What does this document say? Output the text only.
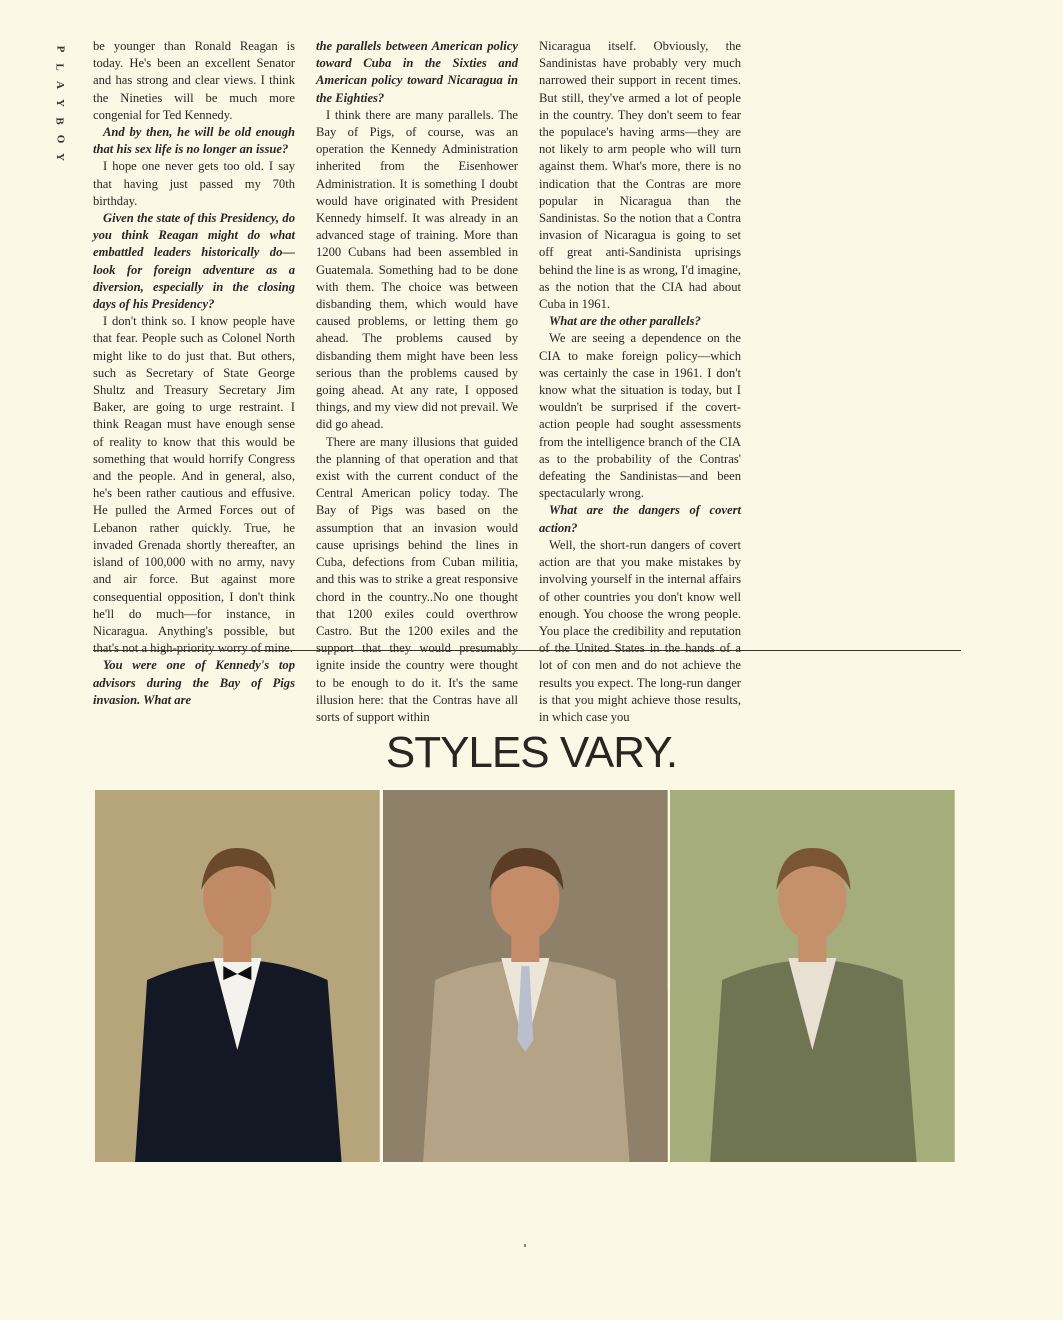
P
L
A
Y
B
O
Y

be younger than Ronald Reagan is today. He's been an excellent Senator and has strong and clear views. I think the Nineties will be much more congenial for Ted Kennedy.

And by then, he will be old enough that his sex life is no longer an issue?

I hope one never gets too old. I say that having just passed my 70th birthday.

Given the state of this Presidency, do you think Reagan might do what embattled leaders historically do—look for foreign adventure as a diversion, especially in the closing days of his Presidency?

I don't think so. I know people have that fear. People such as Colonel North might like to do just that. But others, such as Secretary of State George Shultz and Treasury Secretary Jim Baker, are going to urge restraint. I think Reagan must have enough sense of reality to know that this would be something that would horrify Congress and the people. And in general, also, he's been rather cautious and effusive. He pulled the Armed Forces out of Lebanon rather quickly. True, he invaded Grenada shortly thereafter, an island of 100,000 with no army, navy and air force. But against more consequential opposition, I don't think he'll do much—for instance, in Nicaragua. Anything's possible, but that's not a high-priority worry of mine.

You were one of Kennedy's top advisors during the Bay of Pigs invasion. What are

the parallels between American policy toward Cuba in the Sixties and American policy toward Nicaragua in the Eighties?

I think there are many parallels. The Bay of Pigs, of course, was an operation the Kennedy Administration inherited from the Eisenhower Administration. It is something I doubt would have originated with President Kennedy himself. It was already in an advanced stage of training. More than 1200 Cubans had been assembled in Guatemala. Something had to be done with them. The choice was between disbanding them, which would have caused problems, or letting them go ahead. The problems caused by disbanding them might have been less serious than the problems caused by going ahead. At any rate, I opposed things, and my view did not prevail. We did go ahead.

There are many illusions that guided the planning of that operation and that exist with the current conduct of the Central American policy today. The Bay of Pigs was based on the assumption that an invasion would cause uprisings behind the lines in Cuba, defections from Cuban militia, and this was to strike a great responsive chord in the country..No one thought that 1200 exiles could overthrow Castro. But the 1200 exiles and the support that they would presumably ignite inside the country were thought to be enough to do it. It's the same illusion here: that the Contras have all sorts of support within

Nicaragua itself. Obviously, the Sandinistas have probably very much narrowed their support in recent times. But still, they've armed a lot of people in the country. They don't seem to fear the populace's having arms—they are not likely to arm people who will turn against them. What's more, there is no indication that the Contras are more popular in Nicaragua than the Sandinistas. So the notion that a Contra invasion of Nicaragua is going to set off great anti-Sandinista uprisings behind the line is as wrong, I'd imagine, as the notion that the CIA had about Cuba in 1961.

What are the other parallels?

We are seeing a dependence on the CIA to make foreign policy—which was certainly the case in 1961. I don't know what the situation is today, but I wouldn't be surprised if the covert-action people had sought assessments from the intelligence branch of the CIA as to the probability of the Contras' defeating the Sandinistas—and been spectacularly wrong.

What are the dangers of covert action?

Well, the short-run dangers of covert action are that you make mistakes by involving yourself in the internal affairs of other countries you don't know well enough. You choose the wrong people. You place the credibility and reputation of the United States in the hands of a lot of con men and do not achieve the results you expect. The long-run danger is that you might achieve those results, in which case you

STYLES VARY.
